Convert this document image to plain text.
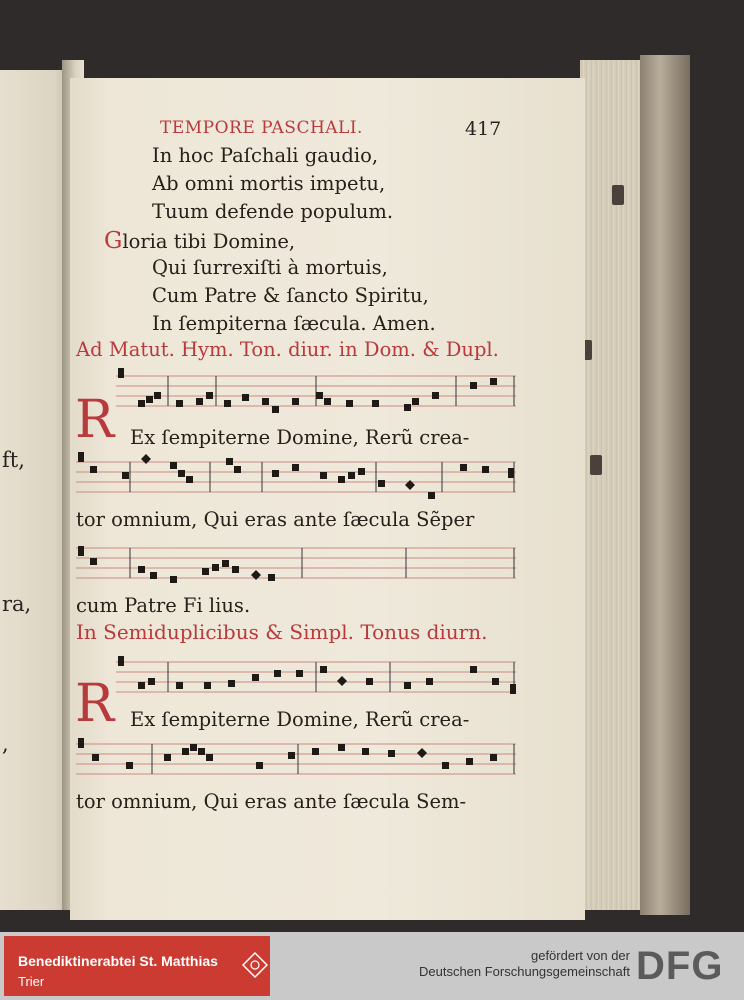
ft,
ra,
,
TEMPORE PASCHALI.	417
In hoc Paſchali gaudio,
Ab omni mortis impetu,
Tuum defende populum.
Gloria tibi Domine,
Qui ſurrexiſti à mortuis,
Cum Patre & ſancto Spiritu,
In ſempiterna ſæcula. Amen.
Ad Matut. Hym. Ton. diur. in Dom. & Dupl.
R Ex ſempiterne Domine, Rerũ crea-
tor omnium, Qui eras ante ſæcula Sẽper
cum Patre Fi lius.
In Semiduplicibus & Simpl. Tonus diurn.
R Ex ſempiterne Domine, Rerũ crea-
tor omnium, Qui eras ante ſæcula Sem-
Benediktinerabtei St. Matthias
Trier
gefördert von der
Deutschen Forschungsgemeinschaft DFG
